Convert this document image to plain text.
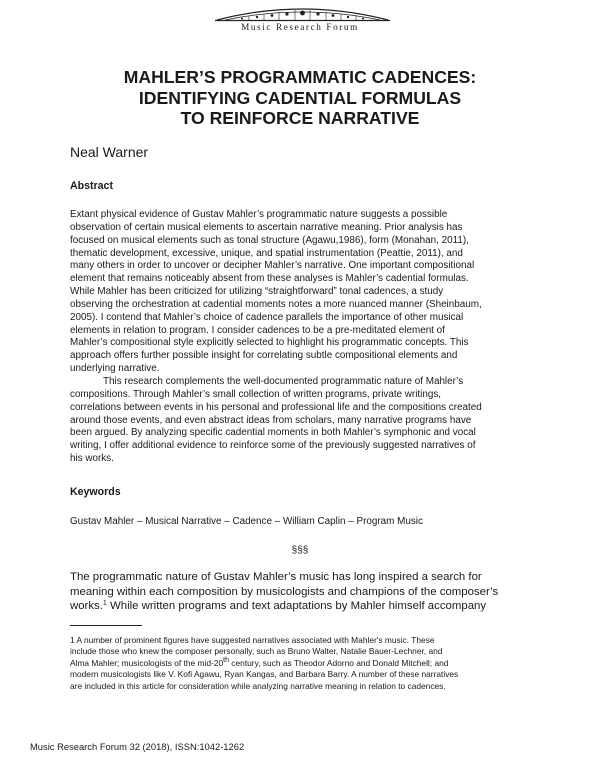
Music Research Forum
MAHLER’S PROGRAMMATIC CADENCES:
IDENTIFYING CADENTIAL FORMULAS
TO REINFORCE NARRATIVE
Neal Warner
Abstract
Extant physical evidence of Gustav Mahler’s programmatic nature suggests a possible
observation of certain musical elements to ascertain narrative meaning. Prior analysis has
focused on musical elements such as tonal structure (Agawu,1986), form (Monahan, 2011),
thematic development, excessive, unique, and spatial instrumentation (Peattie, 2011), and
many others in order to uncover or decipher Mahler’s narrative. One important compositional
element that remains noticeably absent from these analyses is Mahler’s cadential formulas.
While Mahler has been criticized for utilizing “straightforward” tonal cadences, a study
observing the orchestration at cadential moments notes a more nuanced manner (Sheinbaum,
2005). I contend that Mahler’s choice of cadence parallels the importance of other musical
elements in relation to program. I consider cadences to be a pre-meditated element of
Mahler’s compositional style explicitly selected to highlight his programmatic concepts. This
approach offers further possible insight for correlating subtle compositional elements and
underlying narrative.
This research complements the well-documented programmatic nature of Mahler’s
compositions. Through Mahler’s small collection of written programs, private writings,
correlations between events in his personal and professional life and the compositions created
around those events, and even abstract ideas from scholars, many narrative programs have
been argued. By analyzing specific cadential moments in both Mahler’s symphonic and vocal
writing, I offer additional evidence to reinforce some of the previously suggested narratives of
his works.
Keywords
Gustav Mahler – Musical Narrative – Cadence – William Caplin – Program Music
§§§
The programmatic nature of Gustav Mahler’s music has long inspired a search for
meaning within each composition by musicologists and champions of the composer’s
works.$^1$ While written programs and text adaptations by Mahler himself accompany
1 A number of prominent figures have suggested narratives associated with Mahler's music. These
include those who knew the composer personally, such as Bruno Walter, Natalie Bauer-Lechner, and
Alma Mahler; musicologists of the mid-20th century, such as Theodor Adorno and Donald Mitchell; and
modern musicologists like V. Kofi Agawu, Ryan Kangas, and Barbara Barry. A number of these narratives
are included in this article for consideration while analyzing narrative meaning in relation to cadences.
Music Research Forum 32 (2018), ISSN:1042-1262
